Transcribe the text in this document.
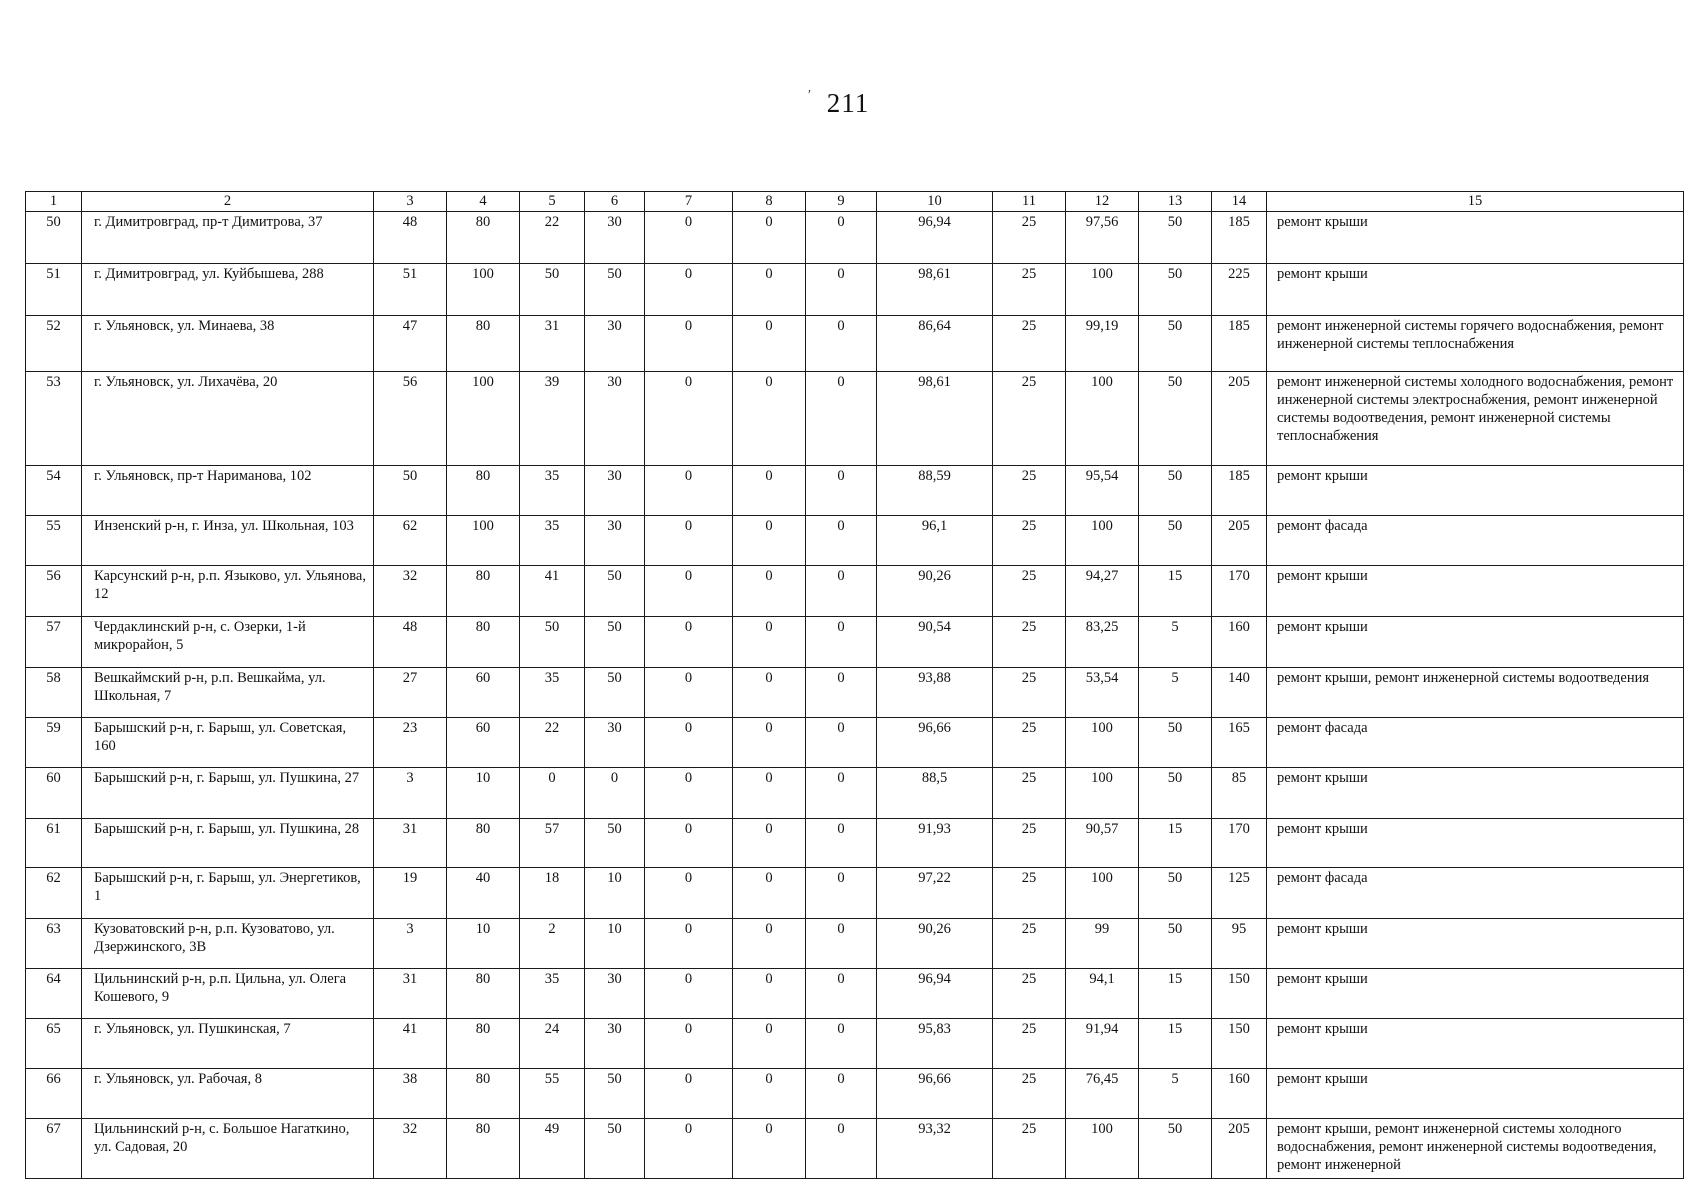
211
′
1	2	3	4	5	6	7	8	9	10	11	12	13	14	15
50	г. Димитровград, пр-т Димитрова, 37	48	80	22	30	0	0	0	96,94	25	97,56	50	185	ремонт крыши
51	г. Димитровград, ул. Куйбышева, 288	51	100	50	50	0	0	0	98,61	25	100	50	225	ремонт крыши
52	г. Ульяновск, ул. Минаева, 38	47	80	31	30	0	0	0	86,64	25	99,19	50	185	ремонт инженерной системы горячего водоснабжения, ремонт инженерной системы теплоснабжения
53	г. Ульяновск, ул. Лихачёва, 20	56	100	39	30	0	0	0	98,61	25	100	50	205	ремонт инженерной системы холодного водоснабжения, ремонт инженерной системы электроснабжения, ремонт инженерной системы водоотведения, ремонт инженерной системы теплоснабжения
54	г. Ульяновск, пр-т Нариманова, 102	50	80	35	30	0	0	0	88,59	25	95,54	50	185	ремонт крыши
55	Инзенский р-н, г. Инза, ул. Школьная, 103	62	100	35	30	0	0	0	96,1	25	100	50	205	ремонт фасада
56	Карсунский р-н, р.п. Языково, ул. Ульянова, 12	32	80	41	50	0	0	0	90,26	25	94,27	15	170	ремонт крыши
57	Чердаклинский р-н, с. Озерки, 1-й микрорайон, 5	48	80	50	50	0	0	0	90,54	25	83,25	5	160	ремонт крыши
58	Вешкаймский р-н, р.п. Вешкайма, ул. Школьная, 7	27	60	35	50	0	0	0	93,88	25	53,54	5	140	ремонт крыши, ремонт инженерной системы водоотведения
59	Барышский р-н, г. Барыш, ул. Советская, 160	23	60	22	30	0	0	0	96,66	25	100	50	165	ремонт фасада
60	Барышский р-н, г. Барыш, ул. Пушкина, 27	3	10	0	0	0	0	0	88,5	25	100	50	85	ремонт крыши
61	Барышский р-н, г. Барыш, ул. Пушкина, 28	31	80	57	50	0	0	0	91,93	25	90,57	15	170	ремонт крыши
62	Барышский р-н, г. Барыш, ул. Энергетиков, 1	19	40	18	10	0	0	0	97,22	25	100	50	125	ремонт фасада
63	Кузоватовский р-н, р.п. Кузоватово, ул. Дзержинского, 3В	3	10	2	10	0	0	0	90,26	25	99	50	95	ремонт крыши
64	Цильнинский р-н, р.п. Цильна, ул. Олега Кошевого, 9	31	80	35	30	0	0	0	96,94	25	94,1	15	150	ремонт крыши
65	г. Ульяновск, ул. Пушкинская, 7	41	80	24	30	0	0	0	95,83	25	91,94	15	150	ремонт крыши
66	г. Ульяновск, ул. Рабочая, 8	38	80	55	50	0	0	0	96,66	25	76,45	5	160	ремонт крыши
67	Цильнинский р-н, с. Большое Нагаткино, ул. Садовая, 20	32	80	49	50	0	0	0	93,32	25	100	50	205	ремонт крыши, ремонт инженерной системы холодного водоснабжения, ремонт инженерной системы водоотведения, ремонт инженерной
